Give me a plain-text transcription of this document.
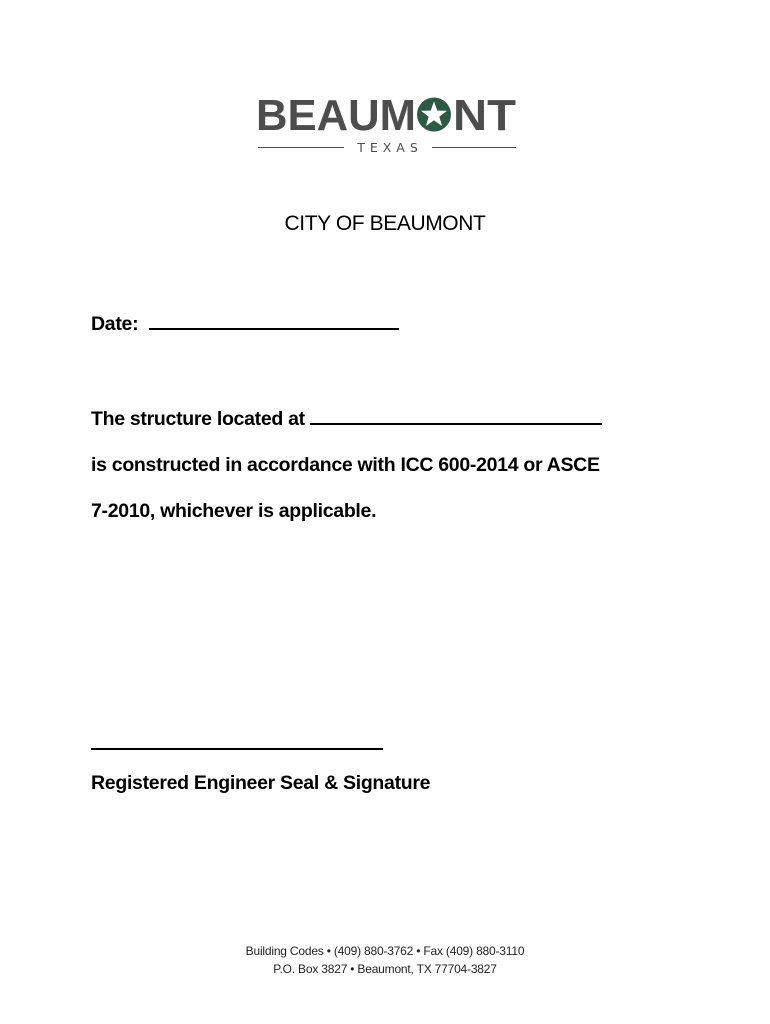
BEAUM NT
TEXAS
CITY OF BEAUMONT
Date:
The structure located at
is constructed in accordance with ICC 600-2014 or ASCE
7-2010, whichever is applicable.
Registered Engineer Seal & Signature
Building Codes • (409) 880-3762 • Fax (409) 880-3110
P.O. Box 3827 • Beaumont, TX 77704-3827
